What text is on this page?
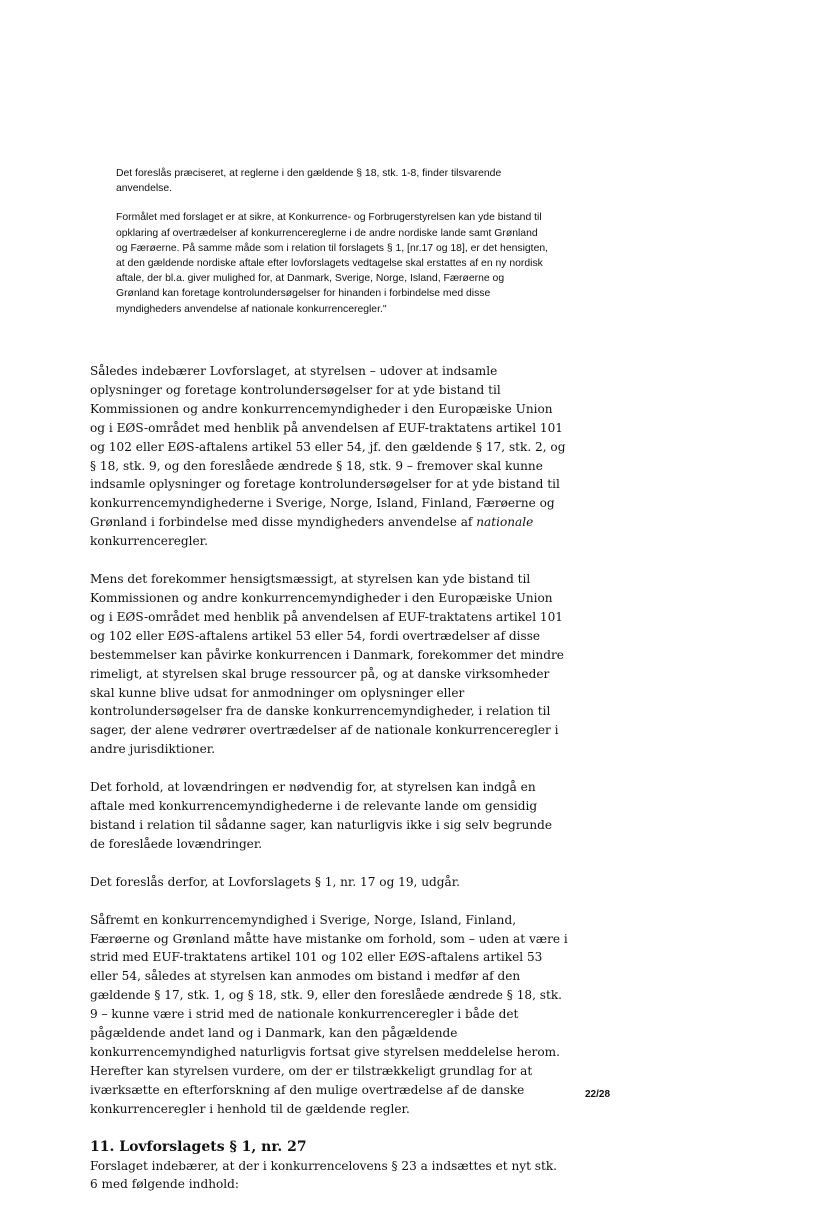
Det foreslås præciseret, at reglerne i den gældende § 18, stk. 1-8, finder tilsvarende anvendelse.

Formålet med forslaget er at sikre, at Konkurrence- og Forbrugerstyrelsen kan yde bistand til opklaring af overtrædelser af konkurrencereglerne i de andre nordiske lande samt Grønland og Færøerne. På samme måde som i relation til forslagets § 1, [nr.17 og 18], er det hensigten, at den gældende nordiske aftale efter lovforslagets vedtagelse skal erstattes af en ny nordisk aftale, der bl.a. giver mulighed for, at Danmark, Sverige, Norge, Island, Færøerne og Grønland kan foretage kontrolundersøgelser for hinanden i forbindelse med disse myndigheders anvendelse af nationale konkurrenceregler."

Således indebærer Lovforslaget, at styrelsen – udover at indsamle oplysninger og foretage kontrolundersøgelser for at yde bistand til Kommissionen og andre konkurrencemyndigheder i den Europæiske Union og i EØS-området med henblik på anvendelsen af EUF-traktatens artikel 101 og 102 eller EØS-aftalens artikel 53 eller 54, jf. den gældende § 17, stk. 2, og § 18, stk. 9, og den foreslåede ændrede § 18, stk. 9 – fremover skal kunne indsamle oplysninger og foretage kontrolundersøgelser for at yde bistand til konkurrencemyndighederne i Sverige, Norge, Island, Finland, Færøerne og Grønland i forbindelse med disse myndigheders anvendelse af nationale konkurrenceregler.

Mens det forekommer hensigtsmæssigt, at styrelsen kan yde bistand til Kommissionen og andre konkurrencemyndigheder i den Europæiske Union og i EØS-området med henblik på anvendelsen af EUF-traktatens artikel 101 og 102 eller EØS-aftalens artikel 53 eller 54, fordi overtrædelser af disse bestemmelser kan påvirke konkurrencen i Danmark, forekommer det mindre rimeligt, at styrelsen skal bruge ressourcer på, og at danske virksomheder skal kunne blive udsat for anmodninger om oplysninger eller kontrolundersøgelser fra de danske konkurrencemyndigheder, i relation til sager, der alene vedrører overtrædelser af de nationale konkurrenceregler i andre jurisdiktioner.

Det forhold, at lovændringen er nødvendig for, at styrelsen kan indgå en aftale med konkurrencemyndighederne i de relevante lande om gensidig bistand i relation til sådanne sager, kan naturligvis ikke i sig selv begrunde de foreslåede lovændringer.

Det foreslås derfor, at Lovforslagets § 1, nr. 17 og 19, udgår.

Såfremt en konkurrencemyndighed i Sverige, Norge, Island, Finland, Færøerne og Grønland måtte have mistanke om forhold, som – uden at være i strid med EUF-traktatens artikel 101 og 102 eller EØS-aftalens artikel 53 eller 54, således at styrelsen kan anmodes om bistand i medfør af den gældende § 17, stk. 1, og § 18, stk. 9, eller den foreslåede ændrede § 18, stk. 9 – kunne være i strid med de nationale konkurrenceregler i både det pågældende andet land og i Danmark, kan den pågældende konkurrencemyndighed naturligvis fortsat give styrelsen meddelelse herom. Herefter kan styrelsen vurdere, om der er tilstrækkeligt grundlag for at iværksætte en efterforskning af den mulige overtrædelse af de danske konkurrenceregler i henhold til de gældende regler.

11. Lovforslagets § 1, nr. 27

Forslaget indebærer, at der i konkurrencelovens § 23 a indsættes et nyt stk. 6 med følgende indhold:

22/28
